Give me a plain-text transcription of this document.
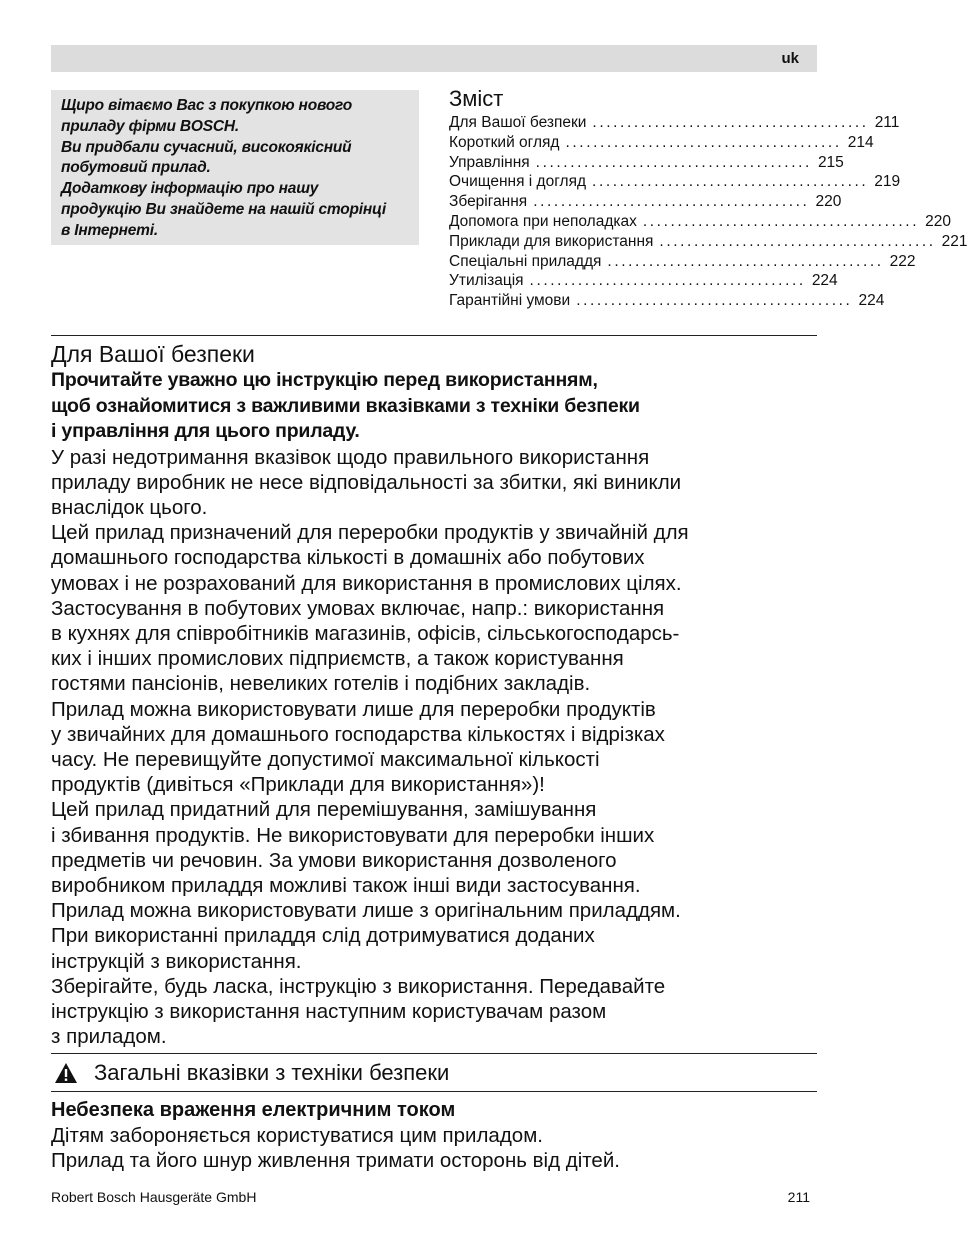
uk
Щиро вітаємо Вас з покупкою нового
приладу фірми BOSCH.
Ви придбали сучасний, високоякісний
побутовий прилад.
Додаткову інформацію про нашу
продукцію Ви знайдете на нашій сторінці
в Інтернеті.
Зміст
Для Вашої безпеки ........................................ 211
Короткий огляд ........................................ 214
Управління ........................................ 215
Очищення і догляд ........................................ 219
Зберігання ........................................ 220
Допомога при неполадках ........................................ 220
Приклади для використання ........................................ 221
Спеціальні приладдя ........................................ 222
Утилізація ........................................ 224
Гарантійні умови ........................................ 224
Для Вашої безпеки
Прочитайте уважно цю інструкцію перед використанням,
щоб ознайомитися з важливими вказівками з техніки безпеки
і управління для цього приладу.
У разі недотримання вказівок щодо правильного використання
приладу виробник не несе відповідальності за збитки, які виникли
внаслідок цього.
Цей прилад призначений для переробки продуктів у звичайній для
домашнього господарства кількості в домашніх або побутових
умовах і не розрахований для використання в промислових цілях.
Застосування в побутових умовах включає, напр.: використання
в кухнях для співробітників магазинів, офісів, сільськогосподарсь-
ких і інших промислових підприємств, а також користування
гостями пансіонів, невеликих готелів і подібних закладів.
Прилад можна використовувати лише для переробки продуктів
у звичайних для домашнього господарства кількостях і відрізках
часу. Не перевищуйте допустимої максимальної кількості
продуктів (дивіться «Приклади для використання»)!
Цей прилад придатний для перемішування, замішування
і збивання продуктів. Не використовувати для переробки інших
предметів чи речовин. За умови використання дозволеного
виробником приладдя можливі також інші види застосування.
Прилад можна використовувати лише з оригінальним приладдям.
При використанні приладдя слід дотримуватися доданих
інструкцій з використання.
Зберігайте, будь ласка, інструкцію з використання. Передавайте
інструкцію з використання наступним користувачам разом
з приладом.
Загальні вказівки з техніки безпеки
Небезпека враження електричним током
Дітям забороняється користуватися цим приладом.
Прилад та його шнур живлення тримати осторонь від дітей.
Robert Bosch Hausgeräte GmbH	211
